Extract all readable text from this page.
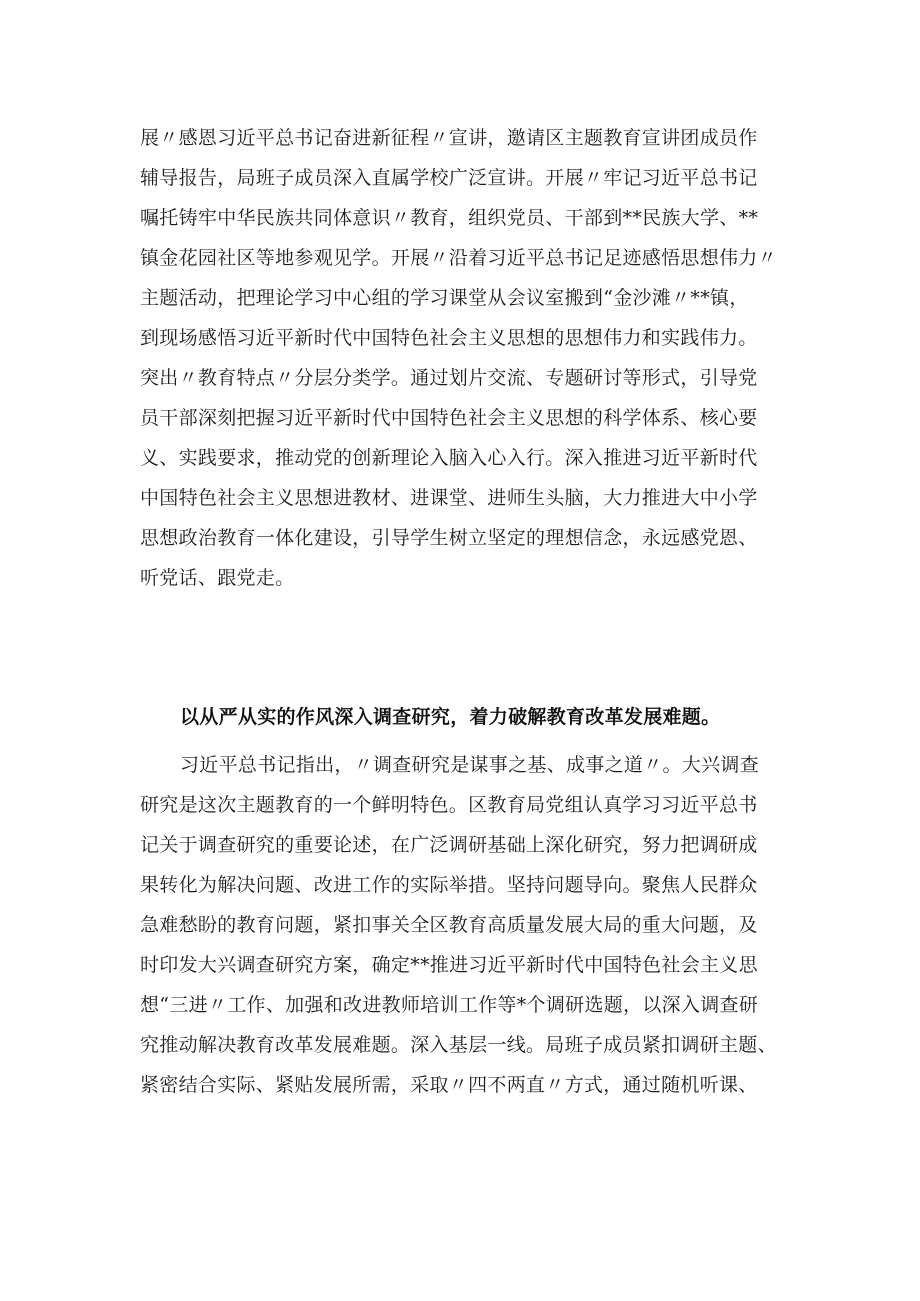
展〃感恩习近平总书记奋进新征程〃宣讲，邀请区主题教育宣讲团成员作
辅导报告，局班子成员深入直属学校广泛宣讲。开展〃牢记习近平总书记
嘱托铸牢中华民族共同体意识〃教育，组织党员、干部到**民族大学、**
镇金花园社区等地参观见学。开展〃沿着习近平总书记足迹感悟思想伟力〃
主题活动，把理论学习中心组的学习课堂从会议室搬到“金沙滩〃**镇，
到现场感悟习近平新时代中国特色社会主义思想的思想伟力和实践伟力。
突出〃教育特点〃分层分类学。通过划片交流、专题研讨等形式，引导党
员干部深刻把握习近平新时代中国特色社会主义思想的科学体系、核心要
义、实践要求，推动党的创新理论入脑入心入行。深入推进习近平新时代
中国特色社会主义思想进教材、进课堂、进师生头脑，大力推进大中小学
思想政治教育一体化建设，引导学生树立坚定的理想信念，永远感党恩、
听党话、跟党走。
以从严从实的作风深入调查研究，着力破解教育改革发展难题。
习近平总书记指出，〃调查研究是谋事之基、成事之道〃。大兴调查
研究是这次主题教育的一个鲜明特色。区教育局党组认真学习习近平总书
记关于调查研究的重要论述，在广泛调研基础上深化研究，努力把调研成
果转化为解决问题、改进工作的实际举措。坚持问题导向。聚焦人民群众
急难愁盼的教育问题，紧扣事关全区教育高质量发展大局的重大问题，及
时印发大兴调查研究方案，确定**推进习近平新时代中国特色社会主义思
想“三进〃工作、加强和改进教师培训工作等*个调研选题，以深入调查研
究推动解决教育改革发展难题。深入基层一线。局班子成员紧扣调研主题、
紧密结合实际、紧贴发展所需，采取〃四不两直〃方式，通过随机听课、
